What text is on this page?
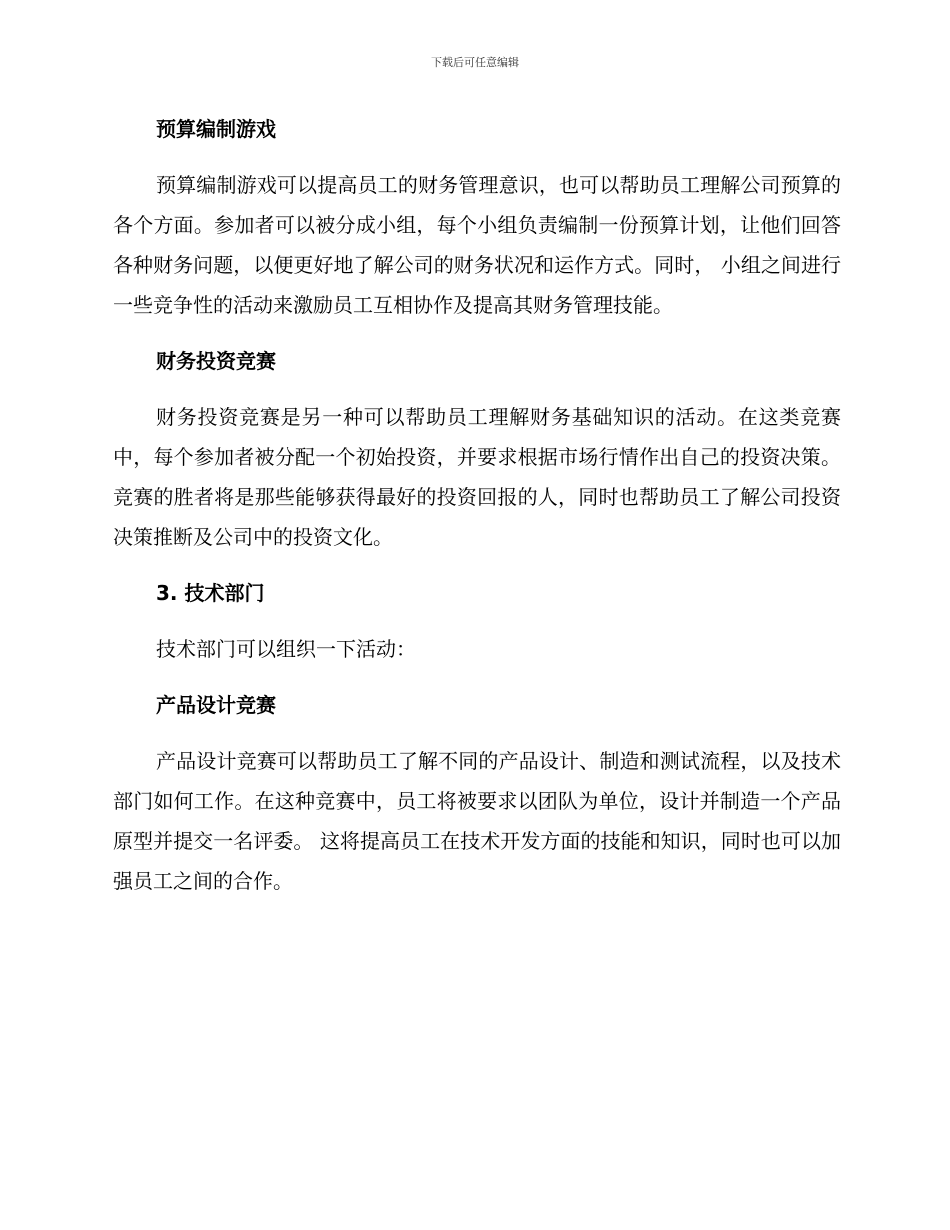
下载后可任意编辑
预算编制游戏

预算编制游戏可以提高员工的财务管理意识，也可以帮助员工理解公司预算的各个方面。参加者可以被分成小组，每个小组负责编制一份预算计划，让他们回答各种财务问题，以便更好地了解公司的财务状况和运作方式。同时， 小组之间进行一些竞争性的活动来激励员工互相协作及提高其财务管理技能。

财务投资竞赛

财务投资竞赛是另一种可以帮助员工理解财务基础知识的活动。在这类竞赛中，每个参加者被分配一个初始投资，并要求根据市场行情作出自己的投资决策。竞赛的胜者将是那些能够获得最好的投资回报的人，同时也帮助员工了解公司投资决策推断及公司中的投资文化。

3. 技术部门

技术部门可以组织一下活动：

产品设计竞赛

产品设计竞赛可以帮助员工了解不同的产品设计、制造和测试流程，以及技术部门如何工作。在这种竞赛中，员工将被要求以团队为单位，设计并制造一个产品原型并提交一名评委。 这将提高员工在技术开发方面的技能和知识，同时也可以加强员工之间的合作。
